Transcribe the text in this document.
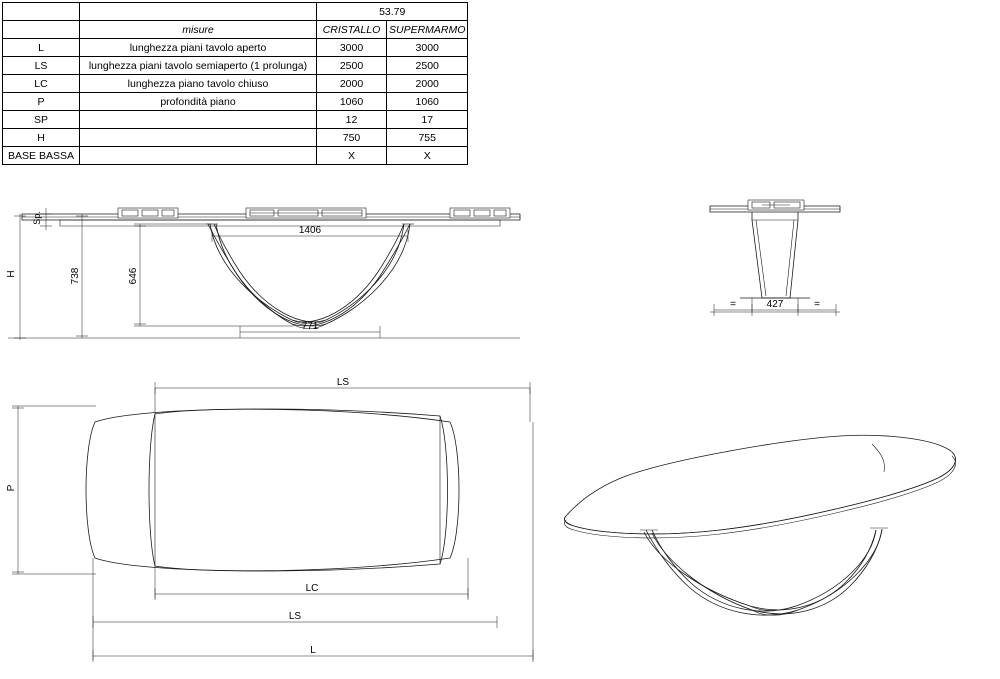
		53.79	
	misure	CRISTALLO	SUPERMARMO
L	lunghezza piani tavolo aperto	3000	3000
LS	lunghezza piani tavolo semiaperto (1 prolunga)	2500	2500
LC	lunghezza piano tavolo chiuso	2000	2000
P	profondità piano	1060	1060
SP		12	17
H		750	755
BASE BASSA		X	X
H
Sp.
738	646
1406
771
427
=	=
LS
P
LC
LS
L
